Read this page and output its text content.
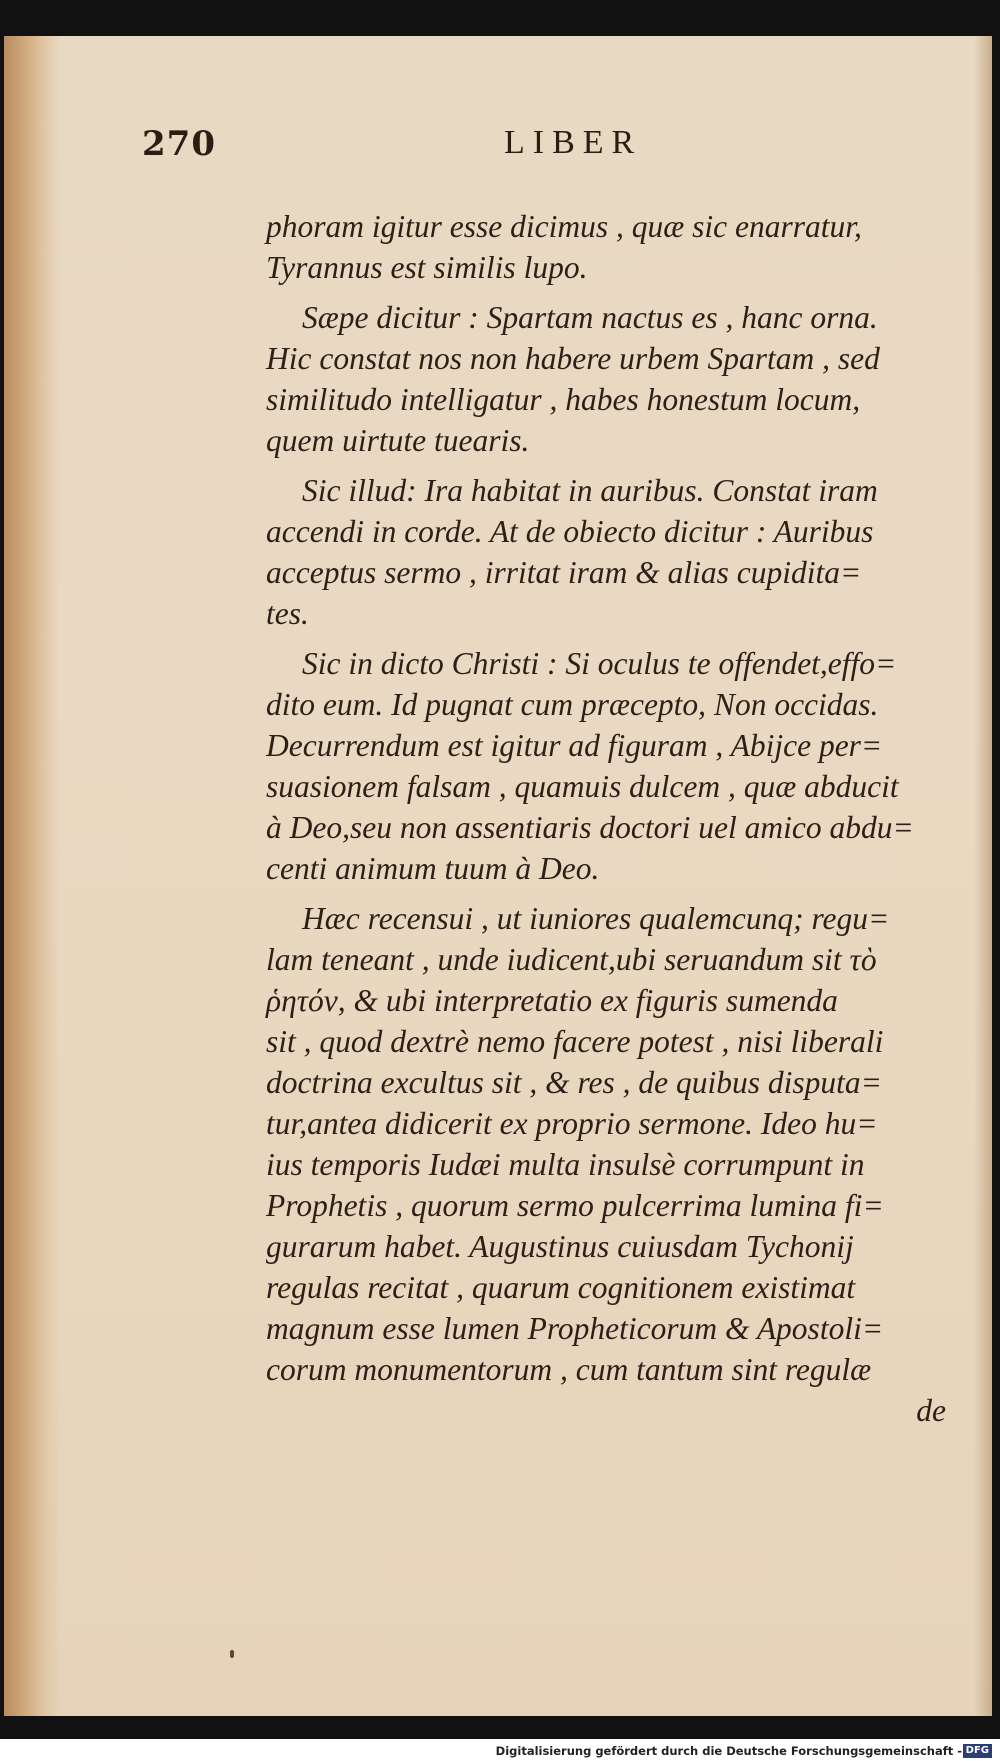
270	LIBER
phoram igitur esse dicimus , quæ sic enarratur,
Tyrannus est similis lupo.
Sæpe dicitur : Spartam nactus es , hanc orna.
Hic constat nos non habere urbem Spartam , sed
similitudo intelligatur , habes honestum locum,
quem uirtute tuearis.
Sic illud: Ira habitat in auribus. Constat iram
accendi in corde. At de obiecto dicitur : Auribus
acceptus sermo , irritat iram & alias cupidita=
tes.
Sic in dicto Christi : Si oculus te offendet,effo=
dito eum. Id pugnat cum præcepto, Non occidas.
Decurrendum est igitur ad figuram , Abijce per=
suasionem falsam , quamuis dulcem , quæ abducit
à Deo,seu non assentiaris doctori uel amico abdu=
centi animum tuum à Deo.
Hæc recensui , ut iuniores qualemcunq; regu=
lam teneant , unde iudicent,ubi seruandum sit τὸ
ῥητόν, & ubi interpretatio ex figuris sumenda
sit , quod dextrè nemo facere potest , nisi liberali
doctrina excultus sit , & res , de quibus disputa=
tur,antea didicerit ex proprio sermone. Ideo hu=
ius temporis Iudæi multa insulsè corrumpunt in
Prophetis , quorum sermo pulcerrima lumina fi=
gurarum habet. Augustinus cuiusdam Tychonij
regulas recitat , quarum cognitionem existimat
magnum esse lumen Propheticorum & Apostoli=
corum monumentorum , cum tantum sint regulæ
de
Digitalisierung gefördert durch die Deutsche Forschungsgemeinschaft - DFG
